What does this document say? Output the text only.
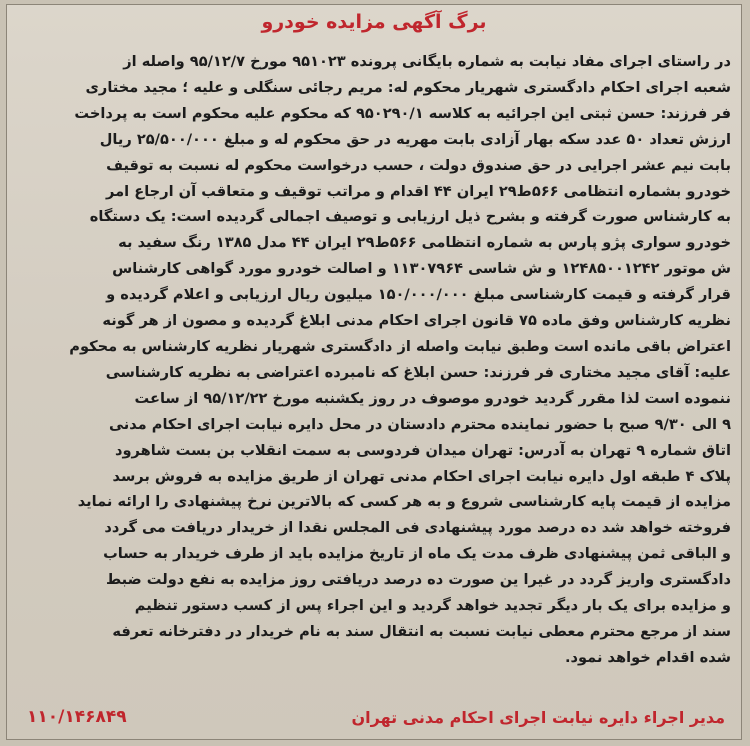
برگ آگهی مزایده خودرو
در راستای اجرای مفاد نیابت به شماره بایگانی پرونده ۹۵۱۰۲۳ مورخ ۹۵/۱۲/۷ واصله از
شعبه اجرای احکام دادگستری شهریار محکوم له: مریم رجائی سنگلی و علیه ؛ مجید مختاری
فر فرزند: حسن ثبتی این اجرائیه به کلاسه ۹۵۰۲۹۰/۱ که محکوم علیه محکوم است به پرداخت
ارزش تعداد ۵۰ عدد سکه بهار آزادی بابت مهریه در حق محکوم له و مبلغ ۲۵/۵۰۰/۰۰۰ ریال
بابت نیم عشر اجرایی در حق صندوق دولت ، حسب درخواست محکوم له نسبت به توقیف
خودرو بشماره انتظامی ۵۶۶ط۲۹ ایران ۴۴ اقدام و مراتب توقیف و متعاقب آن ارجاع امر
به کارشناس صورت گرفته و بشرح ذیل ارزیابی و توصیف اجمالی گردیده است: یک دستگاه
خودرو سواری پژو پارس به شماره انتظامی ۵۶۶ط۲۹ ایران ۴۴ مدل ۱۳۸۵ رنگ سفید به
ش موتور ۱۲۴۸۵۰۰۱۲۴۲ و ش شاسی ۱۱۳۰۷۹۶۴ و اصالت خودرو مورد گواهی کارشناس
قرار گرفته و قیمت کارشناسی مبلغ ۱۵۰/۰۰۰/۰۰۰ میلیون ریال ارزیابی و اعلام گردیده و
نظریه کارشناس وفق ماده ۷۵ قانون اجرای احکام مدنی ابلاغ گردیده و مصون از هر گونه
اعتراض باقی مانده است وطبق نیابت واصله از دادگستری شهریار نظریه کارشناس به محکوم
علیه: آقای مجید مختاری فر فرزند: حسن ابلاغ که نامبرده اعتراضی به نظریه کارشناسی
ننموده است لذا مقرر گردید خودرو موصوف در روز یکشنبه مورخ ۹۵/۱۲/۲۲ از ساعت
۹ الی ۹/۳۰ صبح با حضور نماینده محترم دادستان در محل دایره نیابت اجرای احکام مدنی
اتاق شماره ۹ تهران به آدرس: تهران میدان فردوسی به سمت انقلاب بن بست شاهرود
پلاک ۴ طبقه اول دایره نیابت اجرای احکام مدنی تهران از طریق مزایده به فروش برسد
مزایده از قیمت پایه کارشناسی شروع و به هر کسی که بالاترین نرخ پیشنهادی را ارائه نماید
فروخته خواهد شد ده درصد مورد پیشنهادی فی المجلس نقدا از خریدار دریافت می گردد
و الباقی ثمن پیشنهادی ظرف مدت یک ماه از تاریخ مزایده باید از طرف خریدار به حساب
دادگستری واریز گردد در غیرا ین صورت ده درصد دریافتی روز مزایده به نفع دولت ضبط
و مزایده برای یک بار دیگر تجدید خواهد گردید و این اجراء پس از کسب دستور تنظیم
سند از مرجع محترم معطی نیابت نسبت به انتقال سند به نام خریدار در دفترخانه تعرفه
شده اقدام خواهد نمود.
مدیر اجراء دایره نیابت اجرای احکام مدنی تهران
۱۱۰/۱۴۶۸۴۹
